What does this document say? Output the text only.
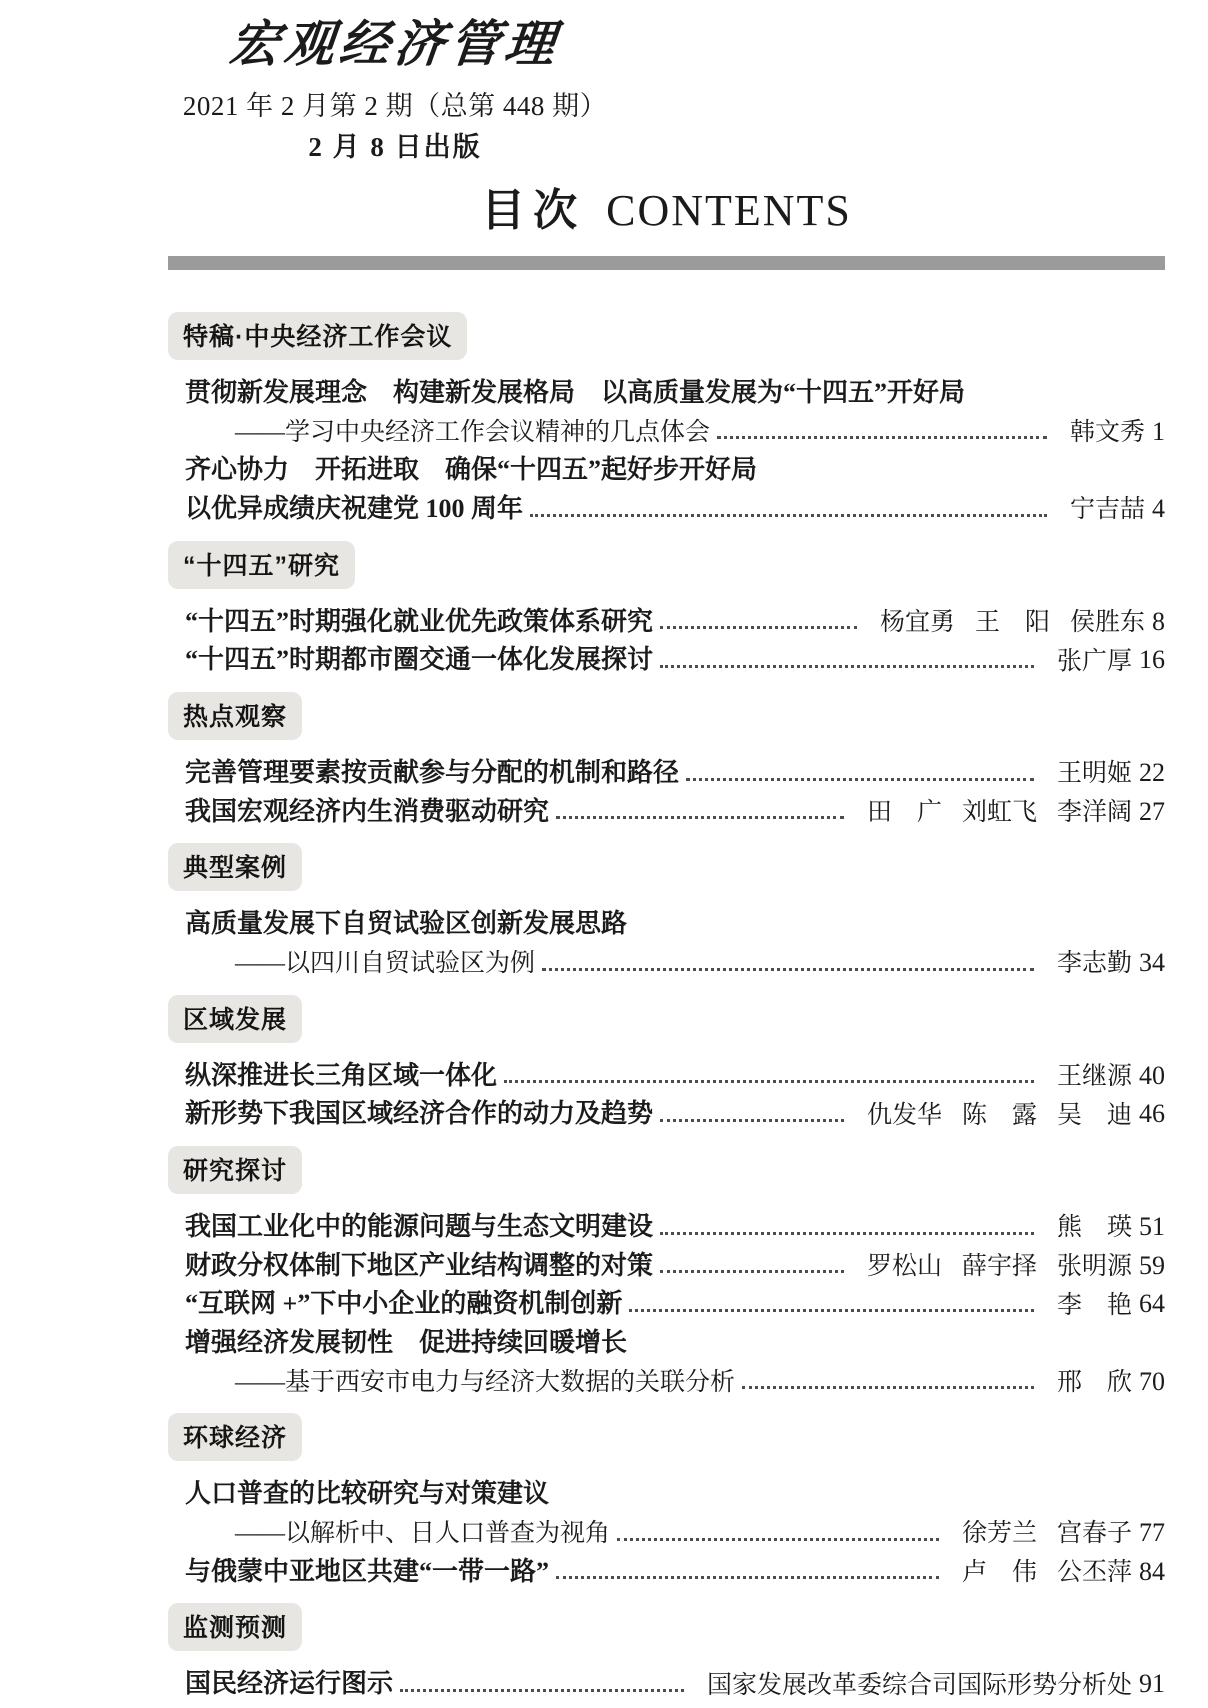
宏观经济管理
2021 年 2 月第 2 期（总第 448 期）
2 月 8 日出版
目次 CONTENTS
特稿·中央经济工作会议
贯彻新发展理念　构建新发展格局　以高质量发展为“十四五”开好局
——学习中央经济工作会议精神的几点体会	韩文秀 1
齐心协力　开拓进取　确保“十四五”起好步开好局
以优异成绩庆祝建党 100 周年	宁吉喆 4
“十四五”研究
“十四五”时期强化就业优先政策体系研究	杨宜勇 王　阳 侯胜东 8
“十四五”时期都市圈交通一体化发展探讨	张广厚 16
热点观察
完善管理要素按贡献参与分配的机制和路径	王明姬 22
我国宏观经济内生消费驱动研究	田　广 刘虹飞 李洋阔 27
典型案例
高质量发展下自贸试验区创新发展思路
——以四川自贸试验区为例	李志勤 34
区域发展
纵深推进长三角区域一体化	王继源 40
新形势下我国区域经济合作的动力及趋势	仇发华 陈　露 吴　迪 46
研究探讨
我国工业化中的能源问题与生态文明建设	熊　瑛 51
财政分权体制下地区产业结构调整的对策	罗松山 薛宇择 张明源 59
“互联网 +”下中小企业的融资机制创新	李　艳 64
增强经济发展韧性　促进持续回暖增长
——基于西安市电力与经济大数据的关联分析	邢　欣 70
环球经济
人口普查的比较研究与对策建议
——以解析中、日人口普查为视角	徐芳兰 宫春子 77
与俄蒙中亚地区共建“一带一路”	卢　伟 公丕萍 84
监测预测
国民经济运行图示	国家发展改革委综合司国际形势分析处 91
